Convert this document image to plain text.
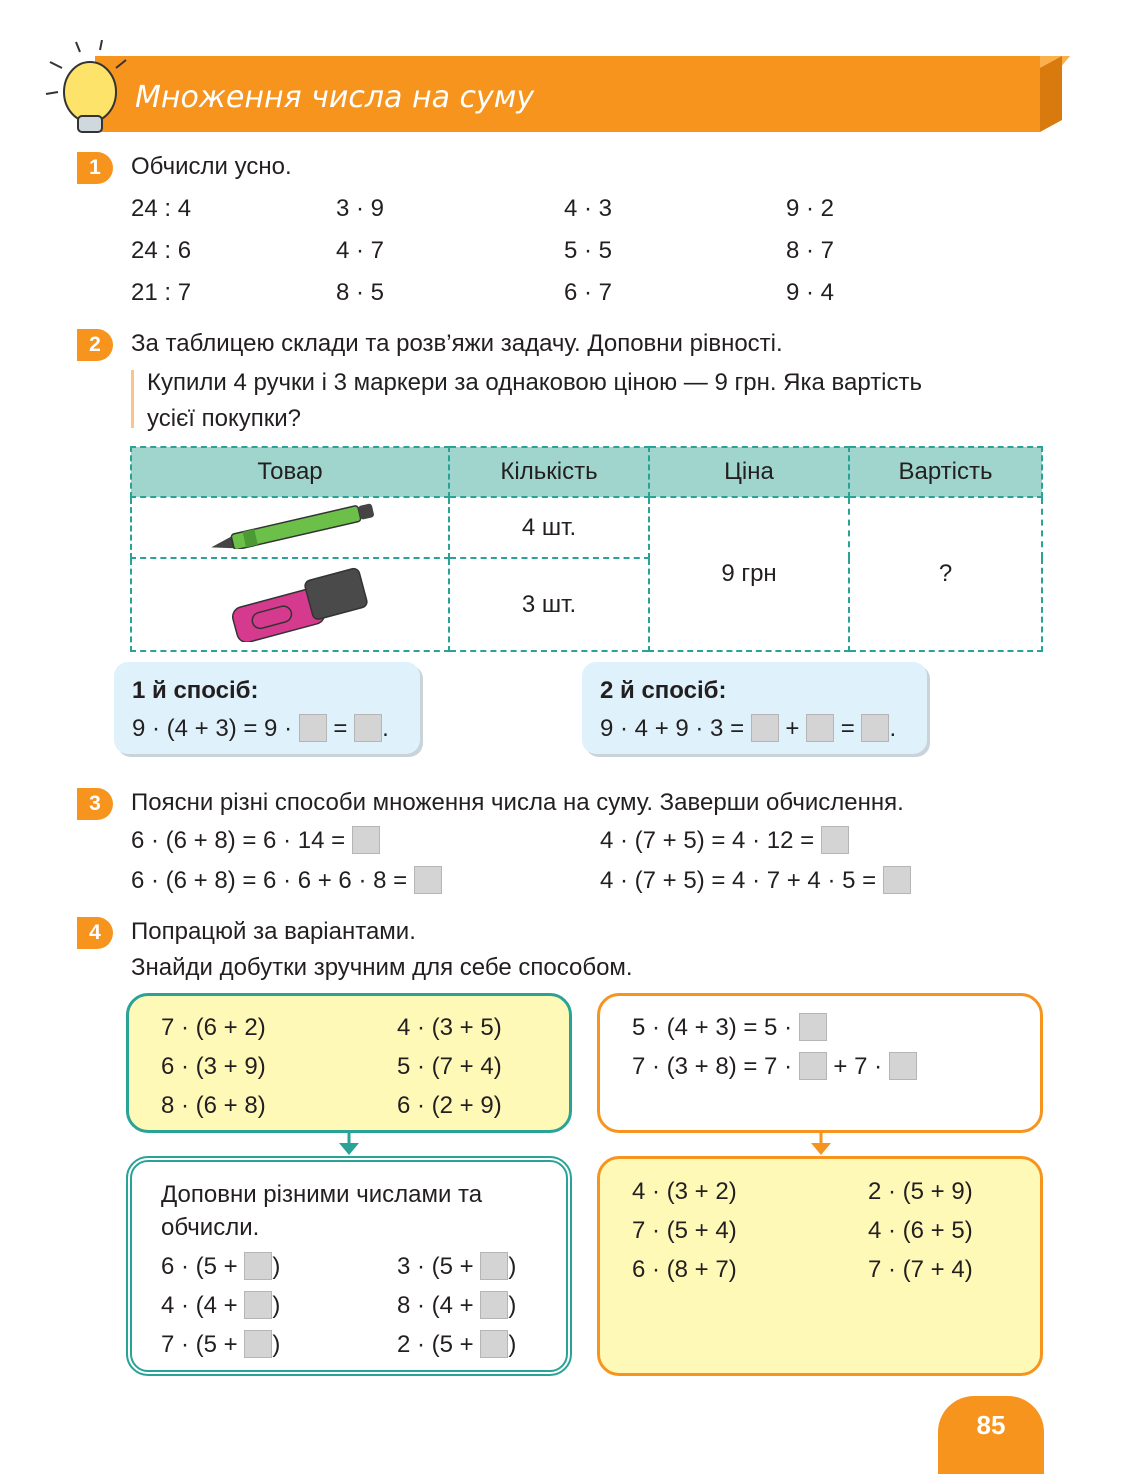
Множення числа на суму
1	Обчисли усно.
24 : 4	3 · 9	4 · 3	9 · 2
24 : 6	4 · 7	5 · 5	8 · 7
21 : 7	8 · 5	6 · 7	9 · 4
2	За таблицею склади та розв’яжи задачу. Доповни рівності.
Купили 4 ручки і 3 маркери за однаковою ціною — 9 грн. Яка вартість
усієї покупки?
Товар	Кількість	Ціна	Вартість
	4 шт.	9 грн	?
	3 шт.		
1 й спосіб:
9 · (4 + 3) = 9 ·  = .
2 й спосіб:
9 · 4 + 9 · 3 =  +  = .
3	Поясни різні способи множення числа на суму. Заверши обчислення.
6 · (6 + 8) = 6 · 14 =
6 · (6 + 8) = 6 · 6 + 6 · 8 =
4 · (7 + 5) = 4 · 12 =
4 · (7 + 5) = 4 · 7 + 4 · 5 =
4	Попрацюй за варіантами.
Знайди добутки зручним для себе способом.
7 · (6 + 2)
6 · (3 + 9)
8 · (6 + 8)
4 · (3 + 5)
5 · (7 + 4)
6 · (2 + 9)
5 · (4 + 3) = 5 ·
7 · (3 + 8) = 7 ·  + 7 ·
Доповни різними числами та
обчисли.
6 · (5 + )
4 · (4 + )
7 · (5 + )
3 · (5 + )
8 · (4 + )
2 · (5 + )
4 · (3 + 2)
7 · (5 + 4)
6 · (8 + 7)
2 · (5 + 9)
4 · (6 + 5)
7 · (7 + 4)
85
